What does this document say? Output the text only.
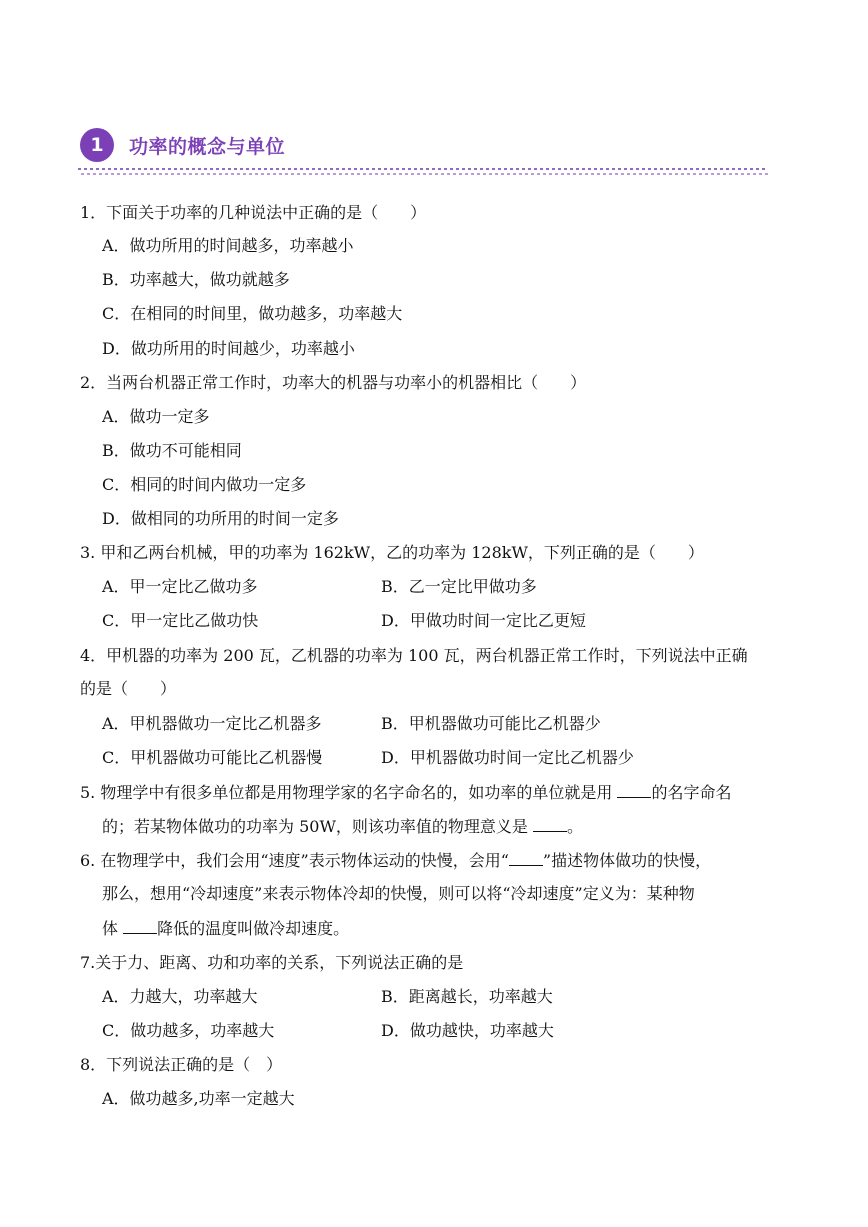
1	功率的概念与单位
1．下面关于功率的几种说法中正确的是（　　）
A．做功所用的时间越多，功率越小
B．功率越大，做功就越多
C．在相同的时间里，做功越多，功率越大
D．做功所用的时间越少，功率越小
2．当两台机器正常工作时，功率大的机器与功率小的机器相比（　　）
A．做功一定多
B．做功不可能相同
C．相同的时间内做功一定多
D．做相同的功所用的时间一定多
3. 甲和乙两台机械，甲的功率为 162kW，乙的功率为 128kW，下列正确的是（　　）
A．甲一定比乙做功多	B．乙一定比甲做功多
C．甲一定比乙做功快	D．甲做功时间一定比乙更短
4．甲机器的功率为 200 瓦，乙机器的功率为 100 瓦，两台机器正常工作时，下列说法中正确
的是（　　）
A．甲机器做功一定比乙机器多	B．甲机器做功可能比乙机器少
C．甲机器做功可能比乙机器慢	D．甲机器做功时间一定比乙机器少
5. 物理学中有很多单位都是用物理学家的名字命名的，如功率的单位就是用 的名字命名
的；若某物体做功的功率为 50W，则该功率值的物理意义是 。
6. 在物理学中，我们会用“速度”表示物体运动的快慢，会用“ ”描述物体做功的快慢，
那么，想用“冷却速度”来表示物体冷却的快慢，则可以将“冷却速度”定义为：某种物
体 降低的温度叫做冷却速度。
7.关于力、距离、功和功率的关系，下列说法正确的是
A．力越大，功率越大	B．距离越长，功率越大
C．做功越多，功率越大	D．做功越快，功率越大
8．下列说法正确的是（　）
A．做功越多,功率一定越大
